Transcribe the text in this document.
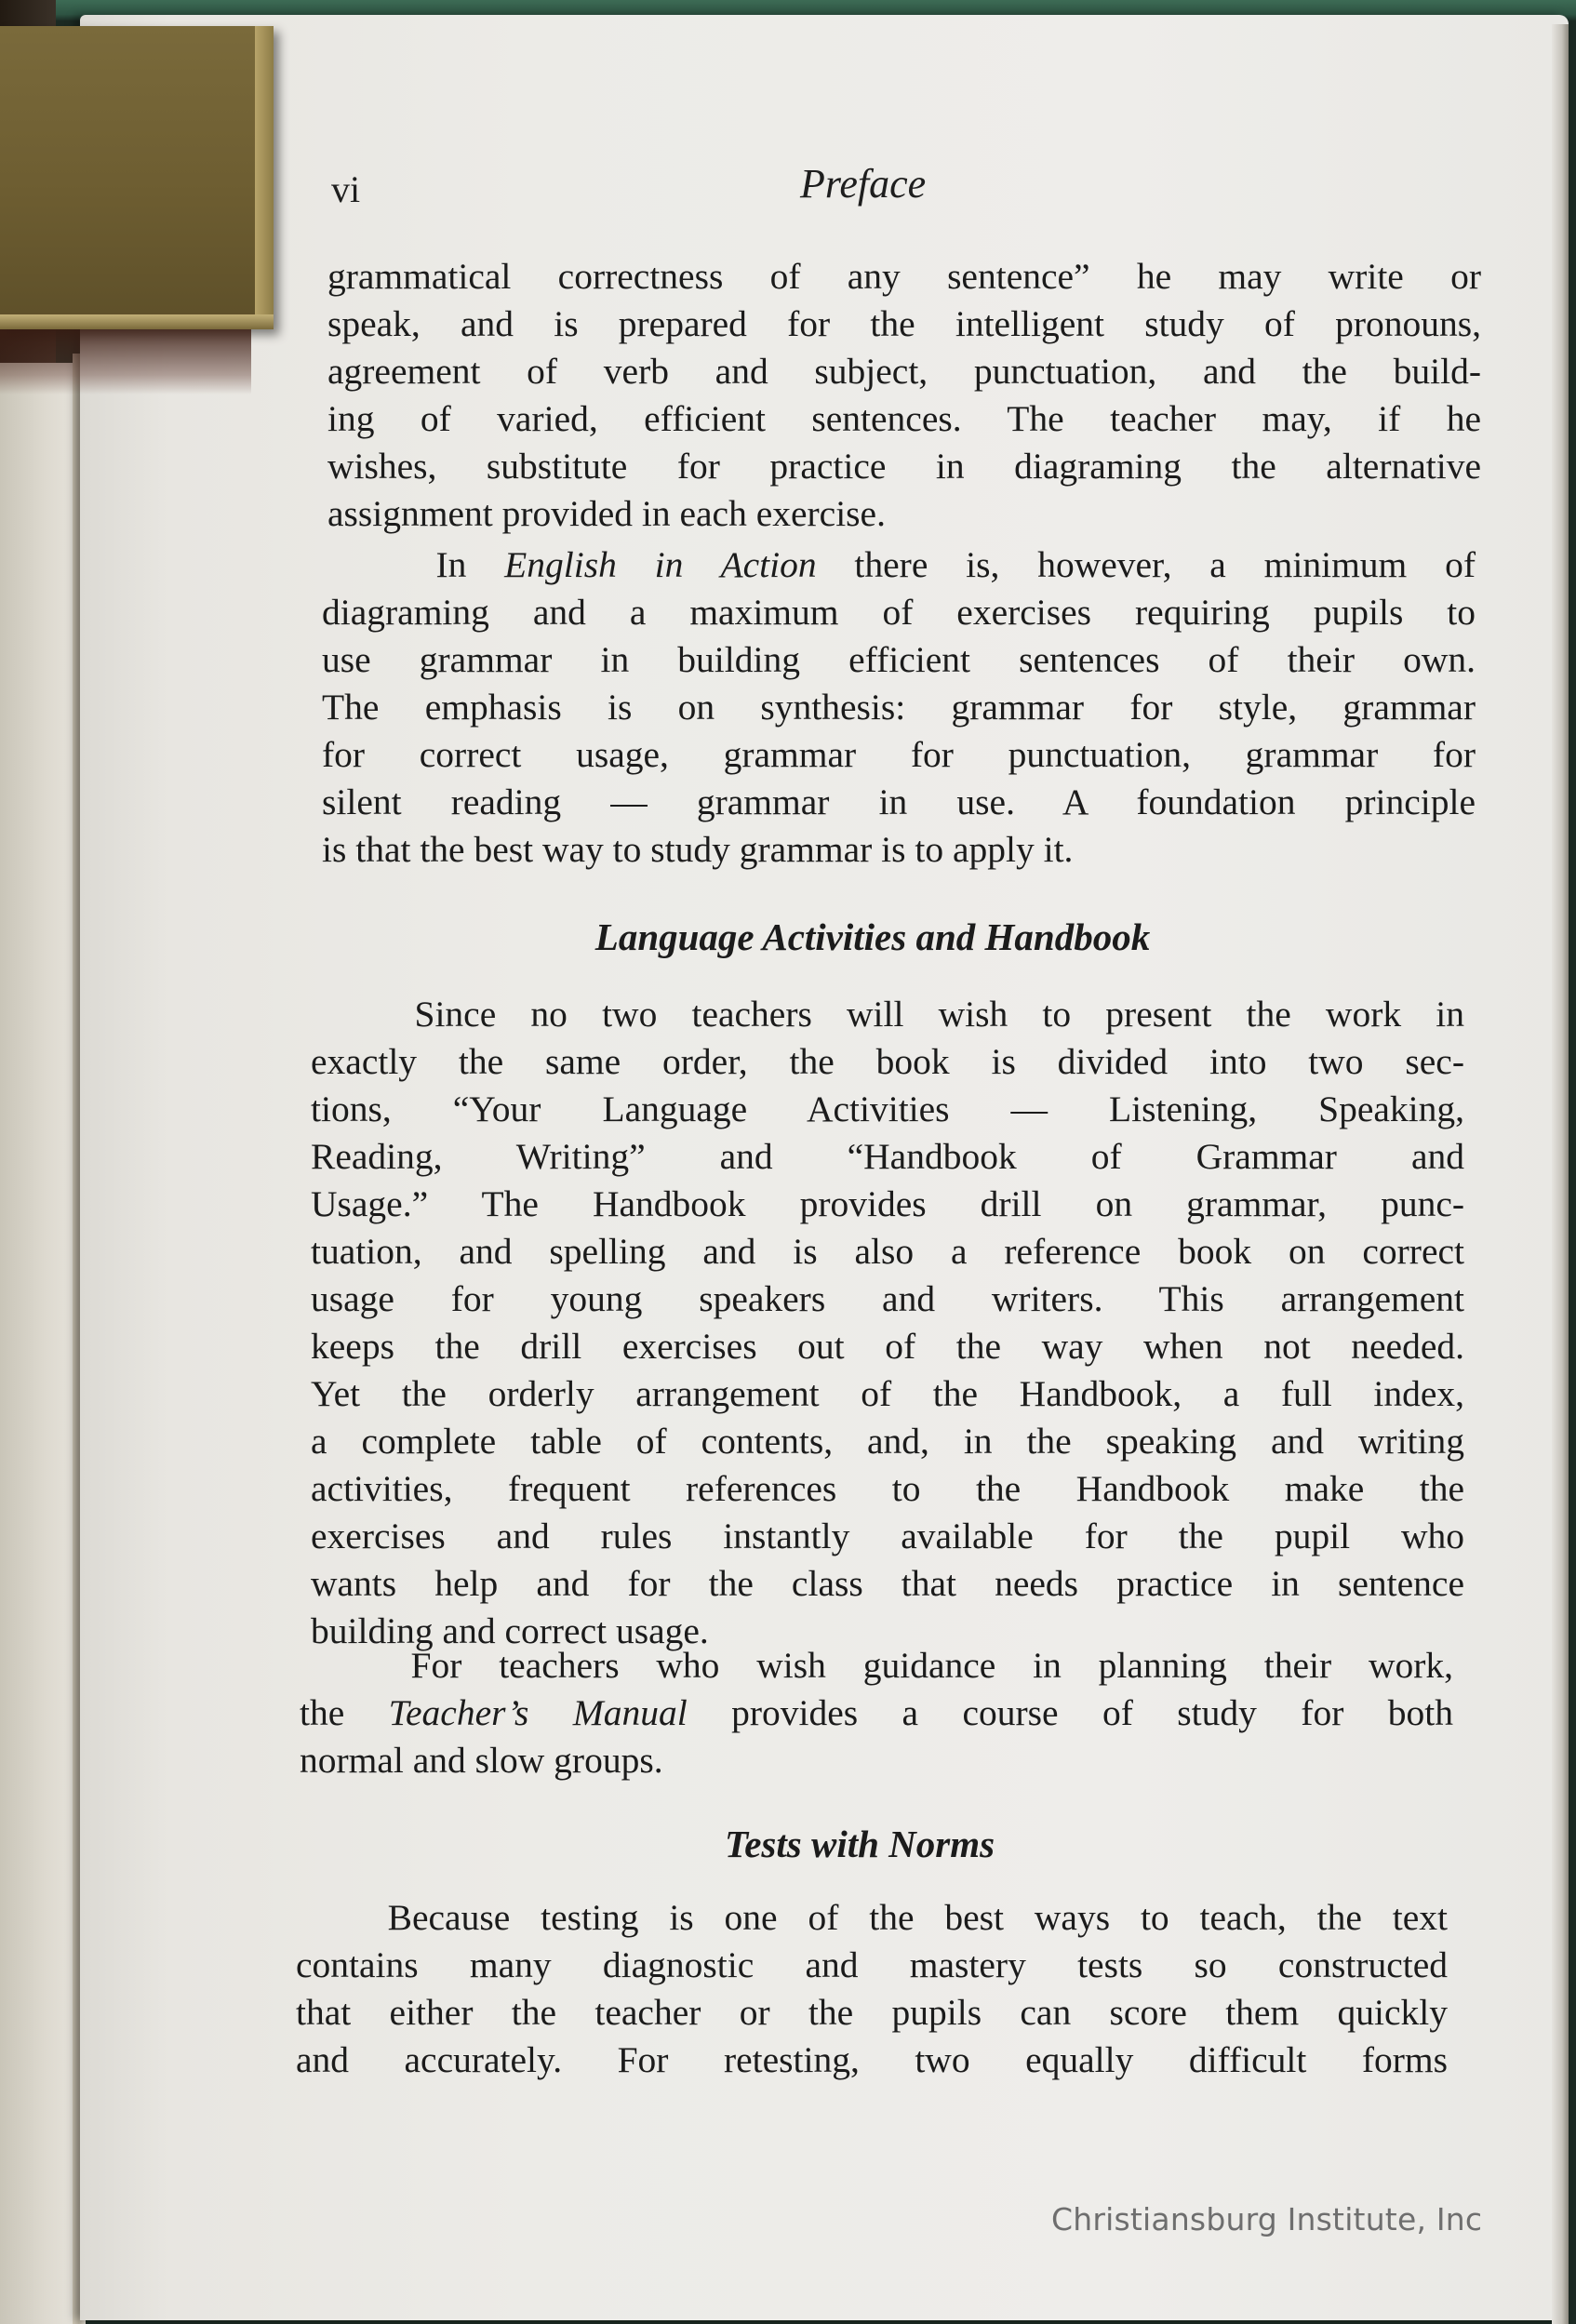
vi	Preface
grammatical correctness of any sentence” he may write or
speak, and is prepared for the intelligent study of pronouns,
agreement of verb and subject, punctuation, and the build-
ing of varied, efficient sentences. The teacher may, if he
wishes, substitute for practice in diagraming the alternative
assignment provided in each exercise.
In English in Action there is, however, a minimum of
diagraming and a maximum of exercises requiring pupils to
use grammar in building efficient sentences of their own.
The emphasis is on synthesis: grammar for style, grammar
for correct usage, grammar for punctuation, grammar for
silent reading — grammar in use. A foundation principle
is that the best way to study grammar is to apply it.
Language Activities and Handbook
Since no two teachers will wish to present the work in
exactly the same order, the book is divided into two sec-
tions, “Your Language Activities — Listening, Speaking,
Reading, Writing” and “Handbook of Grammar and
Usage.” The Handbook provides drill on grammar, punc-
tuation, and spelling and is also a reference book on correct
usage for young speakers and writers. This arrangement
keeps the drill exercises out of the way when not needed.
Yet the orderly arrangement of the Handbook, a full index,
a complete table of contents, and, in the speaking and writing
activities, frequent references to the Handbook make the
exercises and rules instantly available for the pupil who
wants help and for the class that needs practice in sentence
building and correct usage.
For teachers who wish guidance in planning their work,
the Teacher’s Manual provides a course of study for both
normal and slow groups.
Tests with Norms
Because testing is one of the best ways to teach, the text
contains many diagnostic and mastery tests so constructed
that either the teacher or the pupils can score them quickly
and accurately. For retesting, two equally difficult forms
Christiansburg Institute, Inc
